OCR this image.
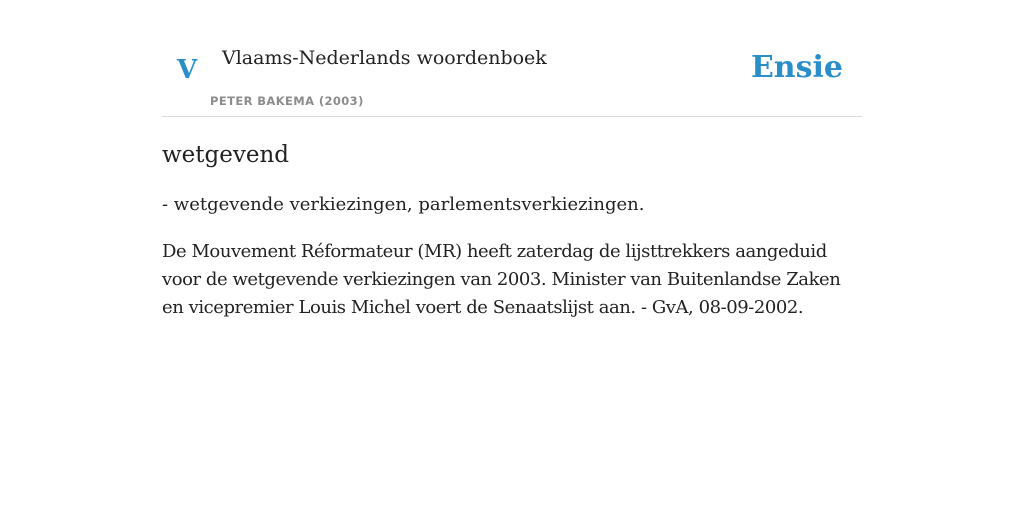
V Vlaams-Nederlands woordenboek
PETER BAKEMA (2003)
Ensie
wetgevend

- wetgevende verkiezingen, parlementsverkiezingen.

De Mouvement Réformateur (MR) heeft zaterdag de lijsttrekkers aangeduid voor de wetgevende verkiezingen van 2003. Minister van Buitenlandse Zaken en vicepremier Louis Michel voert de Senaatslijst aan. - GvA, 08-09-2002.
